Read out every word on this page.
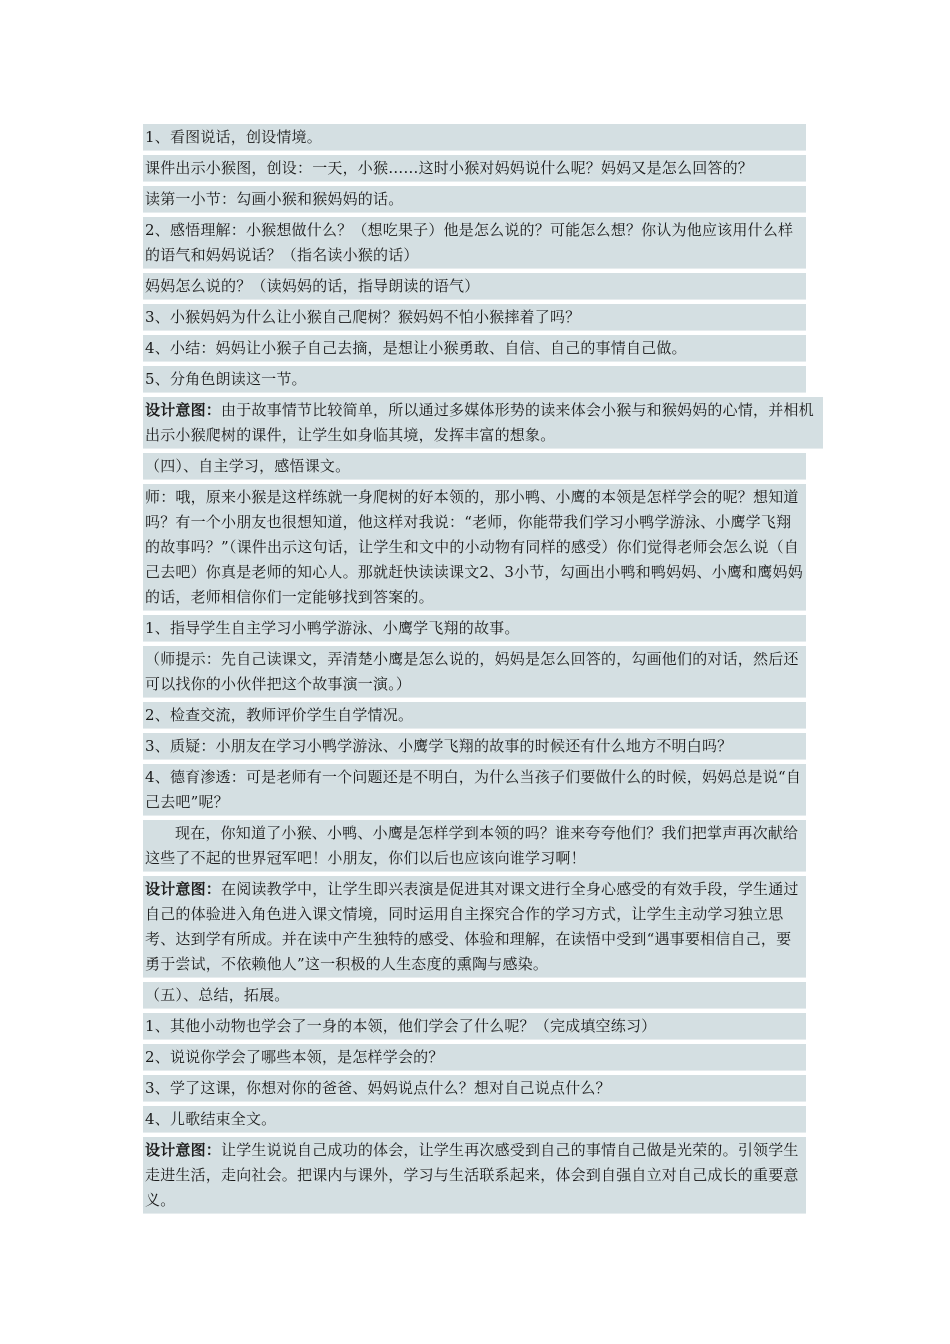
1、看图说话，创设情境。
课件出示小猴图，创设：一天，小猴……这时小猴对妈妈说什么呢？妈妈又是怎么回答的？
读第一小节：勾画小猴和猴妈妈的话。
2、感悟理解：小猴想做什么？（想吃果子）他是怎么说的？可能怎么想？你认为他应该用什么样的语气和妈妈说话？（指名读小猴的话）
妈妈怎么说的？（读妈妈的话，指导朗读的语气）
3、小猴妈妈为什么让小猴自己爬树？猴妈妈不怕小猴摔着了吗？
4、小结：妈妈让小猴子自己去摘，是想让小猴勇敢、自信、自己的事情自己做。
5、分角色朗读这一节。
设计意图：由于故事情节比较简单，所以通过多媒体形势的读来体会小猴与和猴妈妈的心情，并相机出示小猴爬树的课件，让学生如身临其境，发挥丰富的想象。
（四）、自主学习，感悟课文。
师：哦，原来小猴是这样练就一身爬树的好本领的，那小鸭、小鹰的本领是怎样学会的呢？想知道吗？有一个小朋友也很想知道，他这样对我说：“老师，你能带我们学习小鸭学游泳、小鹰学飞翔的故事吗？”（课件出示这句话，让学生和文中的小动物有同样的感受）你们觉得老师会怎么说（自己去吧）你真是老师的知心人。那就赶快读读课文2、3小节，勾画出小鸭和鸭妈妈、小鹰和鹰妈妈的话，老师相信你们一定能够找到答案的。
1、指导学生自主学习小鸭学游泳、小鹰学飞翔的故事。
（师提示：先自己读课文，弄清楚小鹰是怎么说的，妈妈是怎么回答的，勾画他们的对话，然后还可以找你的小伙伴把这个故事演一演。）
2、检查交流，教师评价学生自学情况。
3、质疑：小朋友在学习小鸭学游泳、小鹰学飞翔的故事的时候还有什么地方不明白吗？
4、德育渗透：可是老师有一个问题还是不明白，为什么当孩子们要做什么的时候，妈妈总是说“自己去吧”呢？
现在，你知道了小猴、小鸭、小鹰是怎样学到本领的吗？谁来夸夸他们？我们把掌声再次献给这些了不起的世界冠军吧！小朋友，你们以后也应该向谁学习啊！
设计意图：在阅读教学中，让学生即兴表演是促进其对课文进行全身心感受的有效手段，学生通过自己的体验进入角色进入课文情境，同时运用自主探究合作的学习方式，让学生主动学习独立思考、达到学有所成。并在读中产生独特的感受、体验和理解，在读悟中受到“遇事要相信自己，要勇于尝试，不依赖他人”这一积极的人生态度的熏陶与感染。
（五）、总结，拓展。
1、其他小动物也学会了一身的本领，他们学会了什么呢？（完成填空练习）
2、说说你学会了哪些本领，是怎样学会的？
3、学了这课，你想对你的爸爸、妈妈说点什么？想对自己说点什么？
4、儿歌结束全文。
设计意图：让学生说说自己成功的体会，让学生再次感受到自己的事情自己做是光荣的。引领学生走进生活，走向社会。把课内与课外，学习与生活联系起来，体会到自强自立对自己成长的重要意义。
